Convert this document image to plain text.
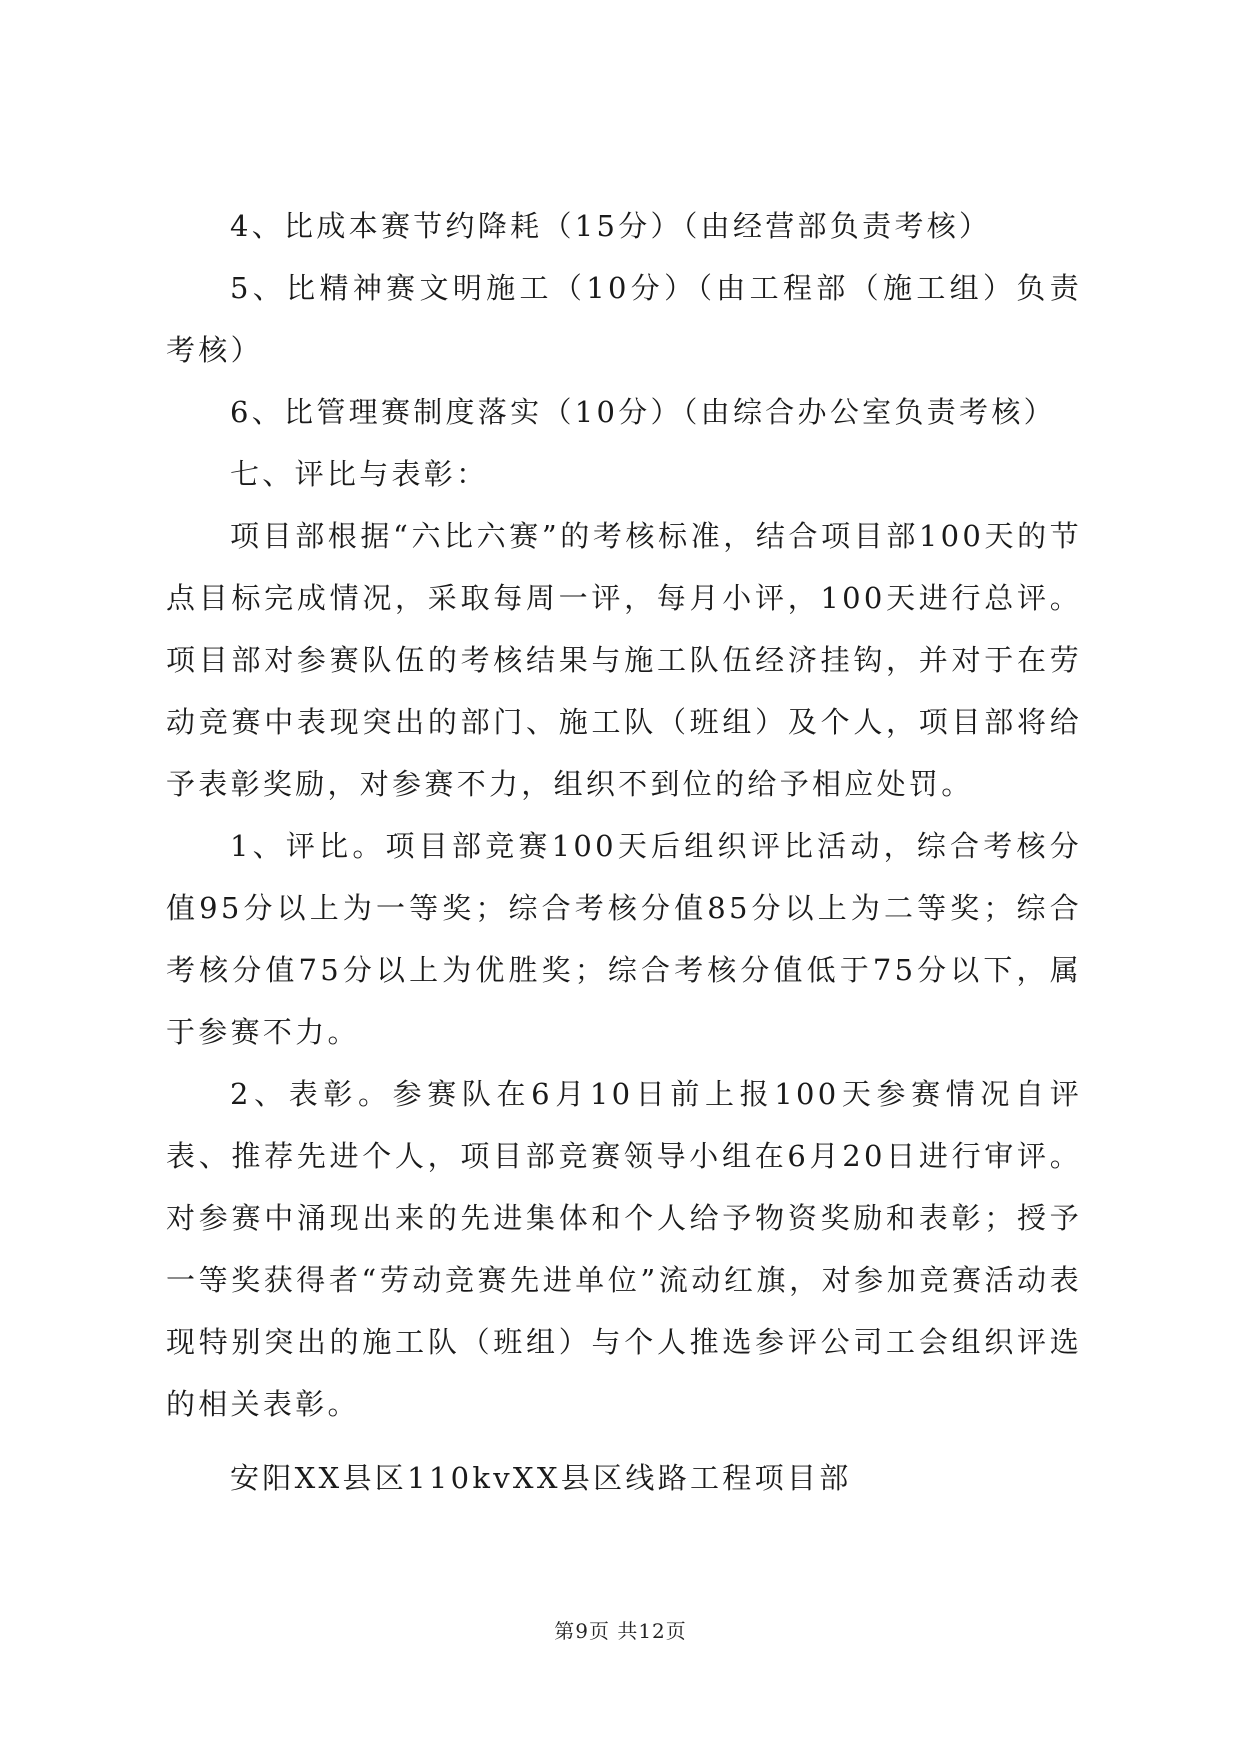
4、比成本赛节约降耗（15分）（由经营部负责考核）

5、比精神赛文明施工（10分）（由工程部（施工组）负责考核）

6、比管理赛制度落实（10分）（由综合办公室负责考核）

七、评比与表彰：

项目部根据“六比六赛”的考核标准，结合项目部100天的节点目标完成情况，采取每周一评，每月小评，100天进行总评。项目部对参赛队伍的考核结果与施工队伍经济挂钩，并对于在劳动竞赛中表现突出的部门、施工队（班组）及个人，项目部将给予表彰奖励，对参赛不力，组织不到位的给予相应处罚。

1、评比。项目部竞赛100天后组织评比活动，综合考核分值95分以上为一等奖；综合考核分值85分以上为二等奖；综合考核分值75分以上为优胜奖；综合考核分值低于75分以下，属于参赛不力。

2、表彰。参赛队在6月10日前上报100天参赛情况自评表、推荐先进个人，项目部竞赛领导小组在6月20日进行审评。对参赛中涌现出来的先进集体和个人给予物资奖励和表彰；授予一等奖获得者“劳动竞赛先进单位”流动红旗，对参加竞赛活动表现特别突出的施工队（班组）与个人推选参评公司工会组织评选的相关表彰。

安阳XX县区110kvXX县区线路工程项目部

第9页 共12页
